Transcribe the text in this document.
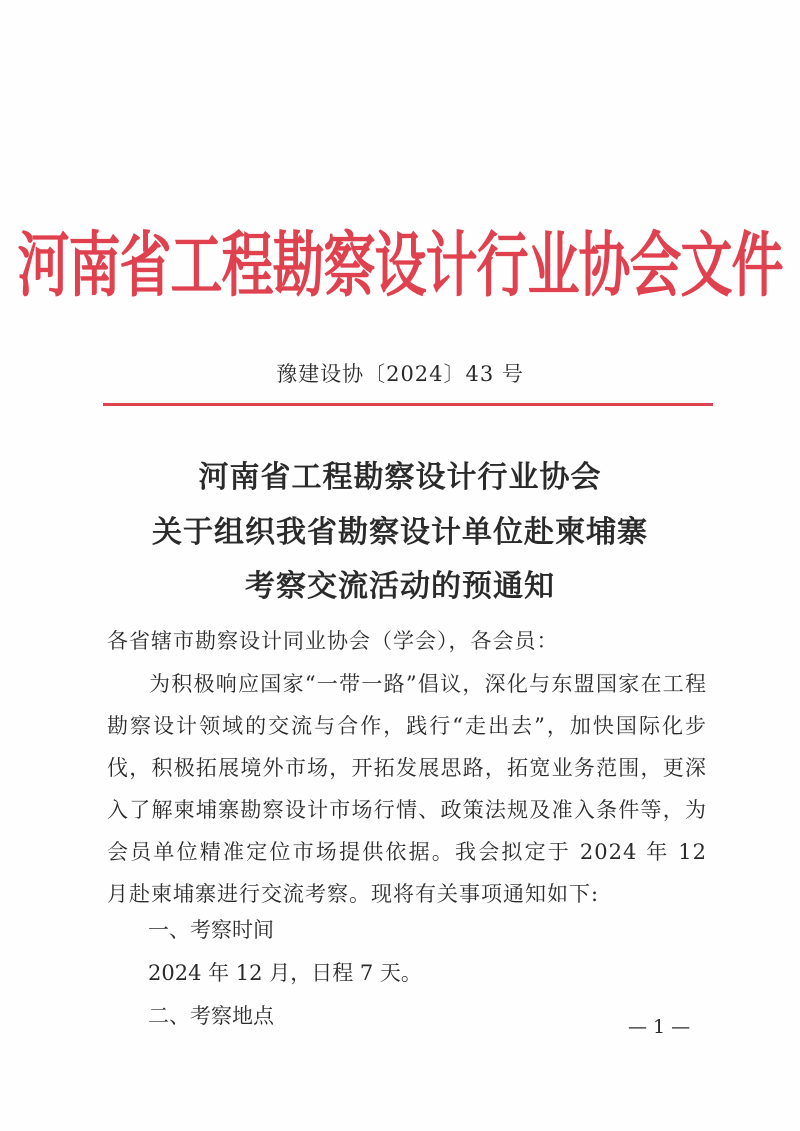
河南省工程勘察设计行业协会文件
豫建设协〔2024〕43 号
河南省工程勘察设计行业协会
关于组织我省勘察设计单位赴柬埔寨
考察交流活动的预通知
各省辖市勘察设计同业协会（学会），各会员：
为积极响应国家“一带一路”倡议，深化与东盟国家在工程勘察设计领域的交流与合作，践行“走出去”，加快国际化步伐，积极拓展境外市场，开拓发展思路，拓宽业务范围，更深入了解柬埔寨勘察设计市场行情、政策法规及准入条件等，为会员单位精准定位市场提供依据。我会拟定于 2024 年 12 月赴柬埔寨进行交流考察。现将有关事项通知如下:
一、考察时间
2024 年 12 月，日程 7 天。
二、考察地点	— 1 —
